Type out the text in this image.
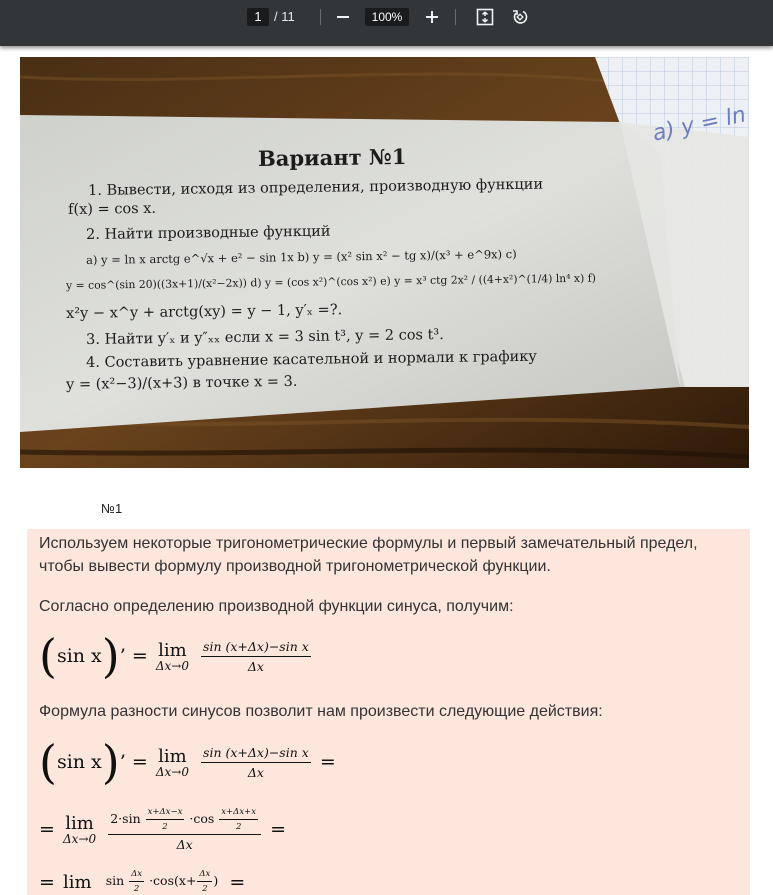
1 / 11	100%
a) y = ln
Вариант №1
1. Вывести, исходя из определения, производную функции
f(x) = cos x.
2. Найти производные функций
a) y = ln x arctg e^√x + e² − sin 1x b) y = (x² sin x² − tg x)/(x³ + e^9x) c)
y = cos^(sin 20)((3x+1)/(x²−2x)) d) y = (cos x²)^(cos x²) e) y = x³ ctg 2x² / ((4+x²)^(1/4) ln⁴ x) f)
x²y − x^y + arctg(xy) = y − 1, y′ₓ =?.
3. Найти y′ₓ и y″ₓₓ если x = 3 sin t³, y = 2 cos t³.
4. Составить уравнение касательной и нормали к графику
y = (x²−3)/(x+3) в точке x = 3.
№1
Используем некоторые тригонометрические формулы и первый замечательный предел, чтобы вывести формулу производной тригонометрической функции.
Согласно определению производной функции синуса, получим:
(sin x)’ = lim
Δx→0
$\frac{\text{sin (x+Δx)−sin x}}{\Delta x}$
Формула разности синусов позволит нам произвести следующие действия:
(sin x)’ = lim
Δx→0
$\frac{\text{sin (x+Δx)−sin x}}{\Delta x}$ =
= lim
Δx→0
$\frac{2\cdot\sin \frac{x+\Delta x-x}{2} \cdot\cos \frac{x+\Delta x+x}{2}}{\Delta x}$ =
= $\lim \sin \frac{\Delta x}{2} \cdot\cos(x+ \frac{\Delta x}{2}$ ) =
